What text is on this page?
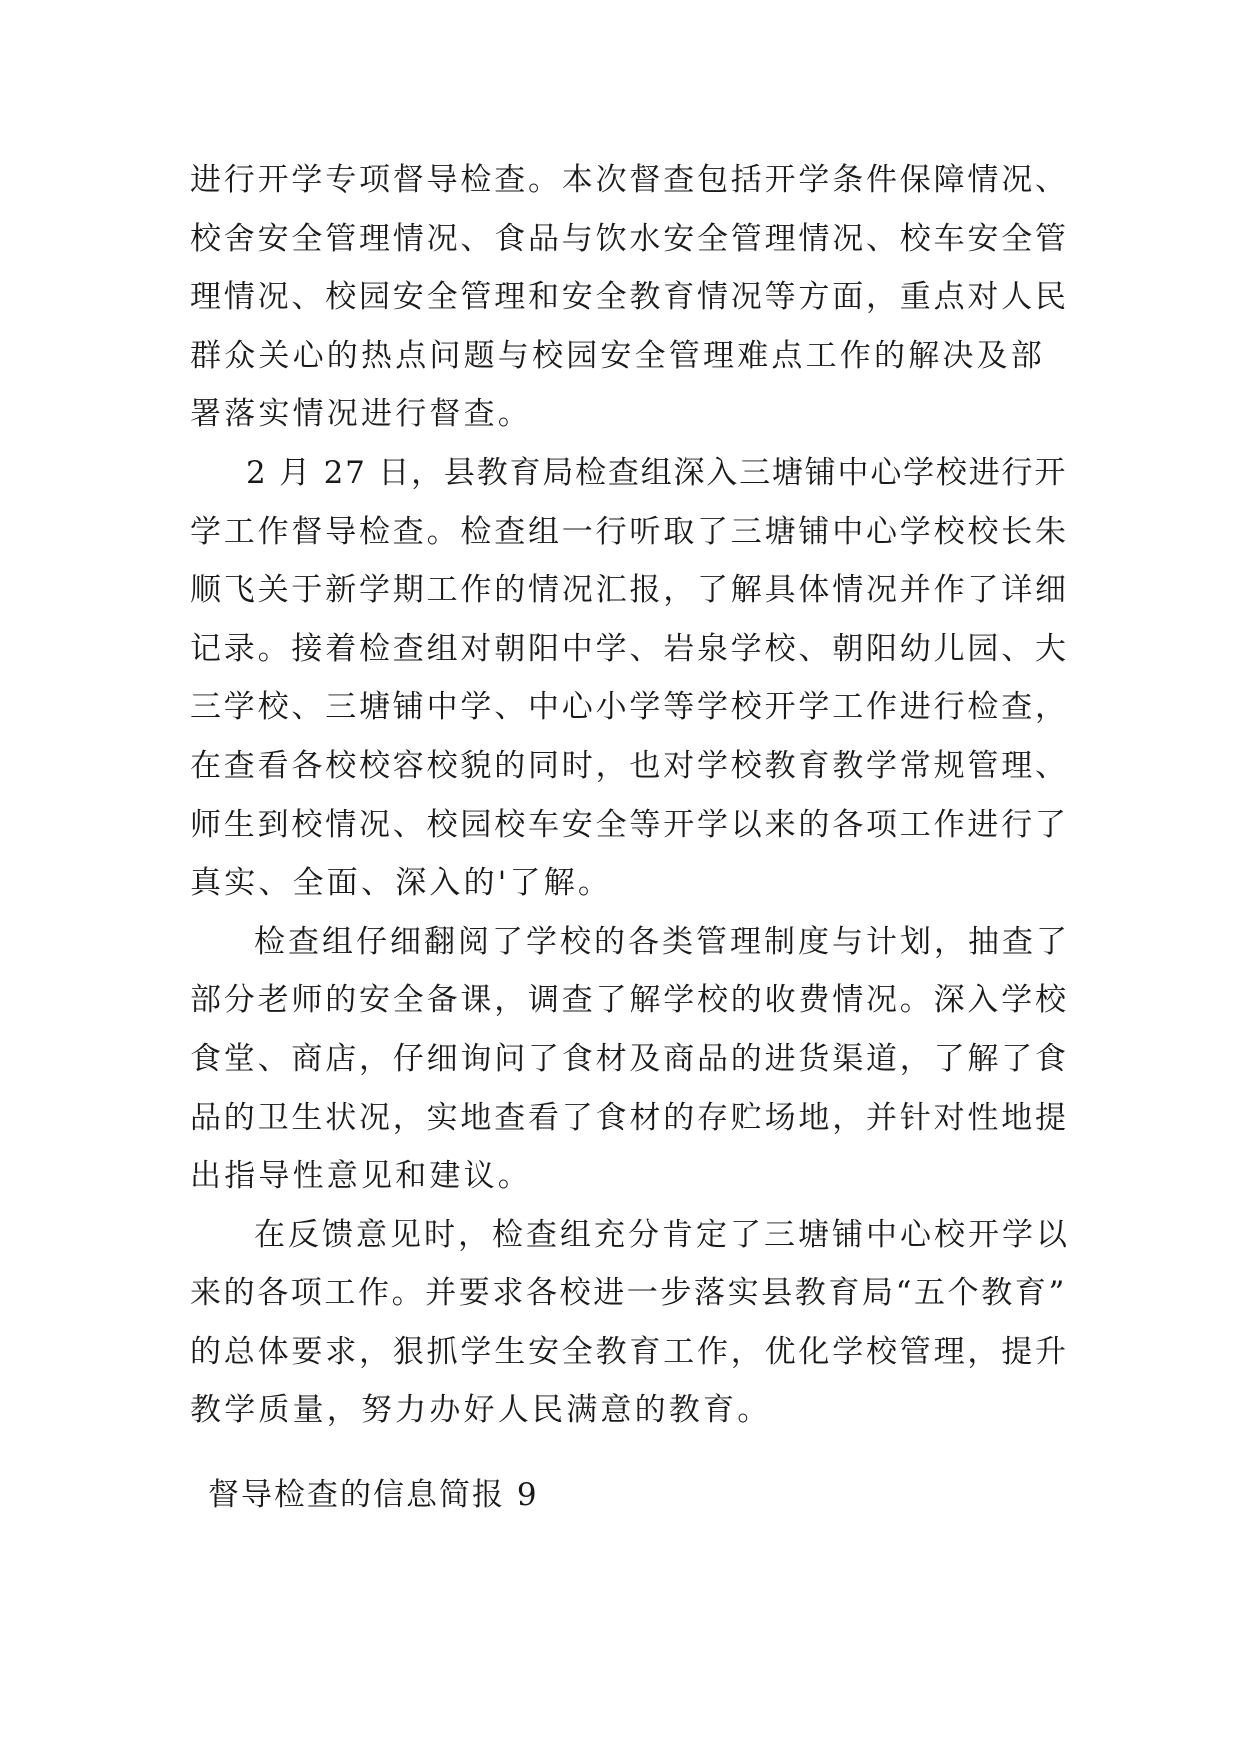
进行开学专项督导检查。本次督查包括开学条件保障情况、
校舍安全管理情况、食品与饮水安全管理情况、校车安全管
理情况、校园安全管理和安全教育情况等方面，重点对人民
群众关心的热点问题与校园安全管理难点工作的解决及部
署落实情况进行督查。

2 月 27 日，县教育局检查组深入三塘铺中心学校进行开
学工作督导检查。检查组一行听取了三塘铺中心学校校长朱
顺飞关于新学期工作的情况汇报，了解具体情况并作了详细
记录。接着检查组对朝阳中学、岩泉学校、朝阳幼儿园、大
三学校、三塘铺中学、中心小学等学校开学工作进行检查，
在查看各校校容校貌的同时，也对学校教育教学常规管理、
师生到校情况、校园校车安全等开学以来的各项工作进行了
真实、全面、深入的'了解。

检查组仔细翻阅了学校的各类管理制度与计划，抽查了
部分老师的安全备课，调查了解学校的收费情况。深入学校
食堂、商店，仔细询问了食材及商品的进货渠道，了解了食
品的卫生状况，实地查看了食材的存贮场地，并针对性地提
出指导性意见和建议。

在反馈意见时，检查组充分肯定了三塘铺中心校开学以
来的各项工作。并要求各校进一步落实县教育局“五个教育”
的总体要求，狠抓学生安全教育工作，优化学校管理，提升
教学质量，努力办好人民满意的教育。

督导检查的信息简报 9
